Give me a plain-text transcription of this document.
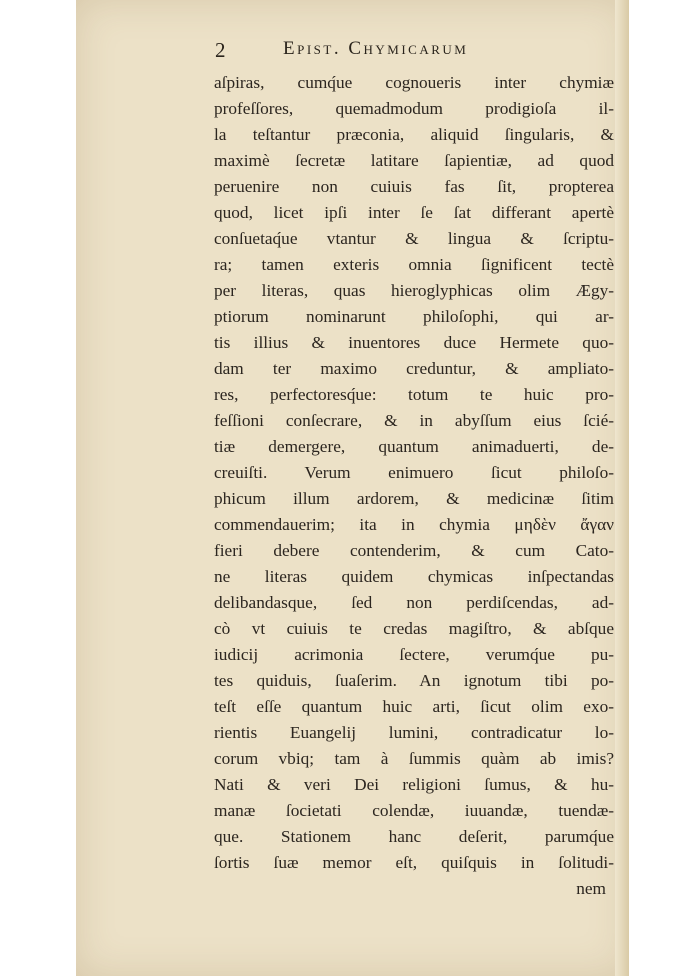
2	Epist. Chymicarum
aſpiras, cumq́ue cognoueris inter chymiæ
profeſſores, quemadmodum prodigioſa il-
la teſtantur præconia, aliquid ſingularis, &
maximè ſecretæ latitare ſapientiæ, ad quod
peruenire non cuiuis fas ſit, propterea
quod, licet ipſi inter ſe ſat differant apertè
conſuetaq́ue vtantur & lingua & ſcriptu-
ra; tamen exteris omnia ſignificent tectè
per literas, quas hieroglyphicas olim Ægy-
ptiorum nominarunt philoſophi, qui ar-
tis illius & inuentores duce Hermete quo-
dam ter maximo creduntur, & ampliato-
res, perfectoresq́ue: totum te huic pro-
feſſioni conſecrare, & in abyſſum eius ſcié-
tiæ demergere, quantum animaduerti, de-
creuiſti. Verum enimuero ſicut philoſo-
phicum illum ardorem, & medicinæ ſitim
commendauerim; ita in chymia μηδὲν ἄγαν
fieri debere contenderim, & cum Cato-
ne literas quidem chymicas inſpectandas
delibandasque, ſed non perdiſcendas, ad-
cò vt cuiuis te credas magiſtro, & abſque
iudicij acrimonia ſectere, verumq́ue pu-
tes quiduis, ſuaſerim. An ignotum tibi po-
teſt eſſe quantum huic arti, ſicut olim exo-
rientis Euangelij lumini, contradicatur lo-
corum vbiq; tam à ſummis quàm ab imis?
Nati & veri Dei religioni ſumus, & hu-
manæ ſocietati colendæ, iuuandæ, tuendæ-
que. Stationem hanc deſerit, parumq́ue
ſortis ſuæ memor eſt, quiſquis in ſolitudi-
nem
